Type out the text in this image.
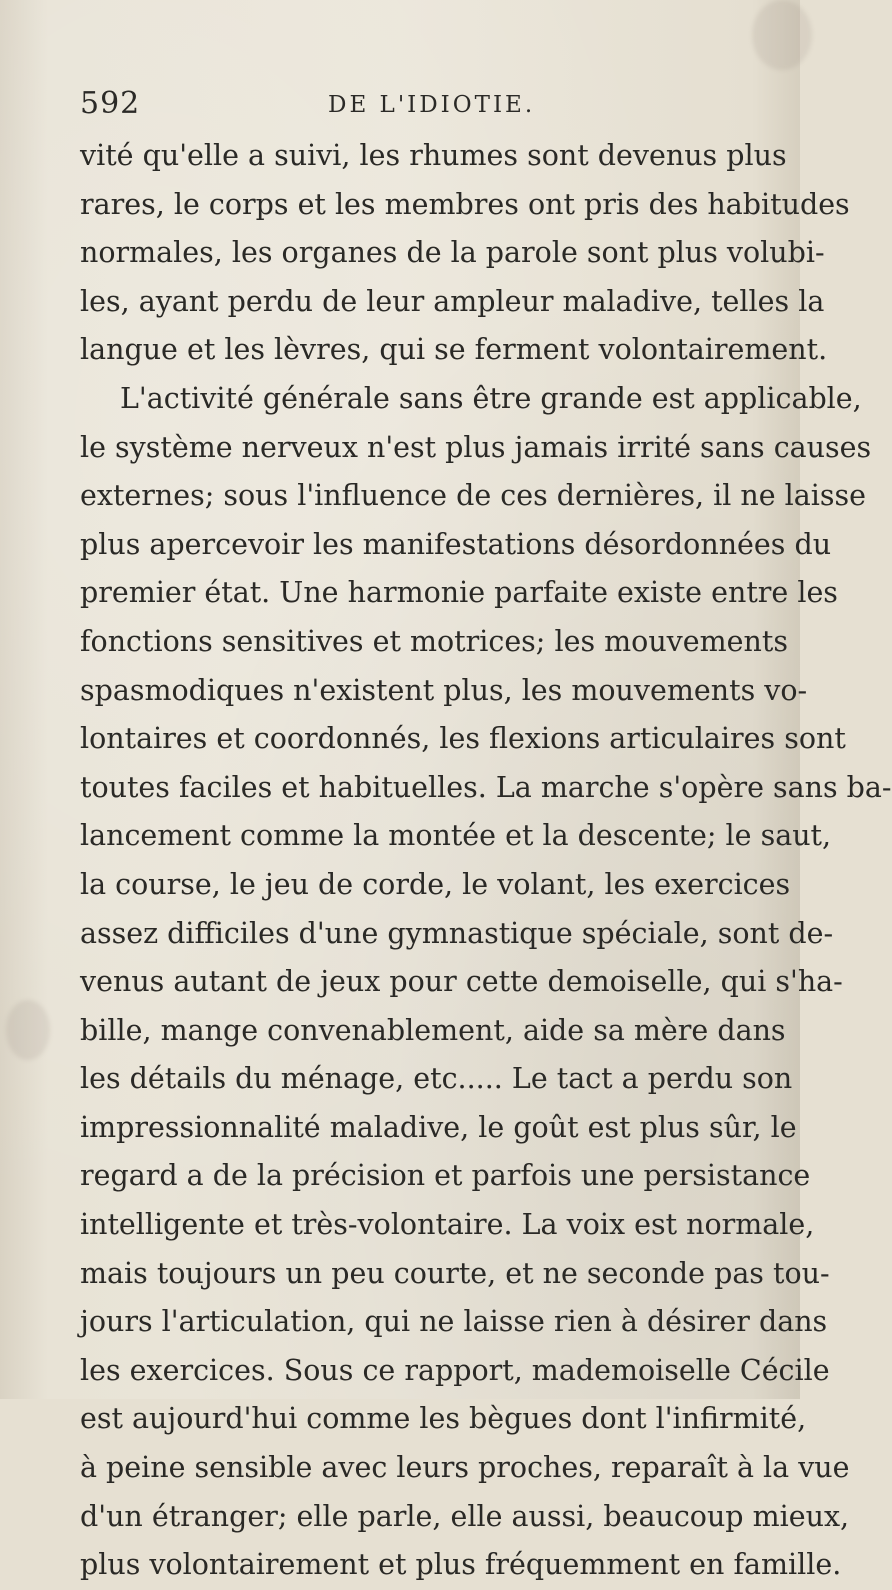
592	DE L'IDIOTIE.
vité qu'elle a suivi, les rhumes sont devenus plus
rares, le corps et les membres ont pris des habitudes
normales, les organes de la parole sont plus volubi-
les, ayant perdu de leur ampleur maladive, telles la
langue et les lèvres, qui se ferment volontairement.
L'activité générale sans être grande est applicable,
le système nerveux n'est plus jamais irrité sans causes
externes; sous l'influence de ces dernières, il ne laisse
plus apercevoir les manifestations désordonnées du
premier état. Une harmonie parfaite existe entre les
fonctions sensitives et motrices; les mouvements
spasmodiques n'existent plus, les mouvements vo-
lontaires et coordonnés, les flexions articulaires sont
toutes faciles et habituelles. La marche s'opère sans ba-
lancement comme la montée et la descente; le saut,
la course, le jeu de corde, le volant, les exercices
assez difficiles d'une gymnastique spéciale, sont de-
venus autant de jeux pour cette demoiselle, qui s'ha-
bille, mange convenablement, aide sa mère dans
les détails du ménage, etc..... Le tact a perdu son
impressionnalité maladive, le goût est plus sûr, le
regard a de la précision et parfois une persistance
intelligente et très-volontaire. La voix est normale,
mais toujours un peu courte, et ne seconde pas tou-
jours l'articulation, qui ne laisse rien à désirer dans
les exercices. Sous ce rapport, mademoiselle Cécile
est aujourd'hui comme les bègues dont l'infirmité,
à peine sensible avec leurs proches, reparaît à la vue
d'un étranger; elle parle, elle aussi, beaucoup mieux,
plus volontairement et plus fréquemment en famille.
